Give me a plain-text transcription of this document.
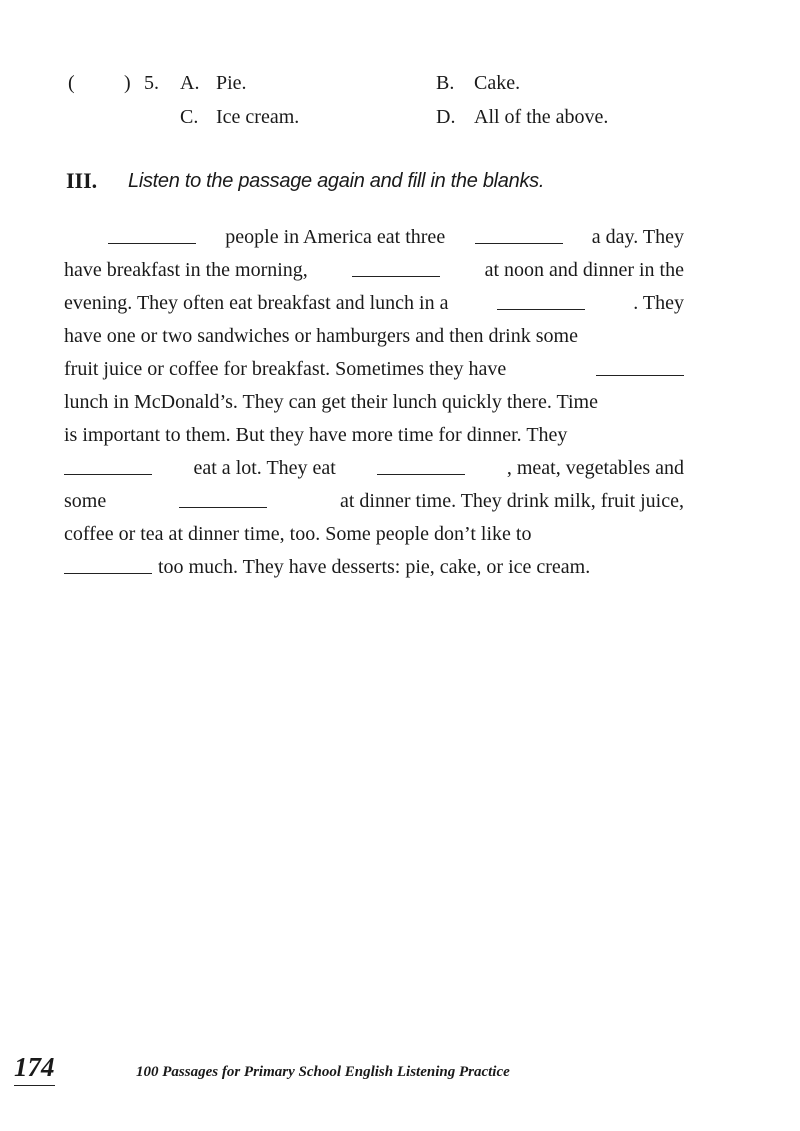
( ) 5. A. Pie.	B. Cake.
C. Ice cream.	D. All of the above.
III. Listen to the passage again and fill in the blanks.
people in America eat three	a day. They
have breakfast in the morning,	at noon and dinner in the
evening. They often eat breakfast and lunch in a	. They
have one or two sandwiches or hamburgers and then drink some
fruit juice or coffee for breakfast. Sometimes they have
lunch in McDonald’s. They can get their lunch quickly there. Time
is important to them. But they have more time for dinner. They
eat a lot. They eat	, meat, vegetables and
some	at dinner time. They drink milk, fruit juice,
coffee or tea at dinner time, too. Some people don’t like to
too much. They have desserts: pie, cake, or ice cream.
174	100 Passages for Primary School English Listening Practice
